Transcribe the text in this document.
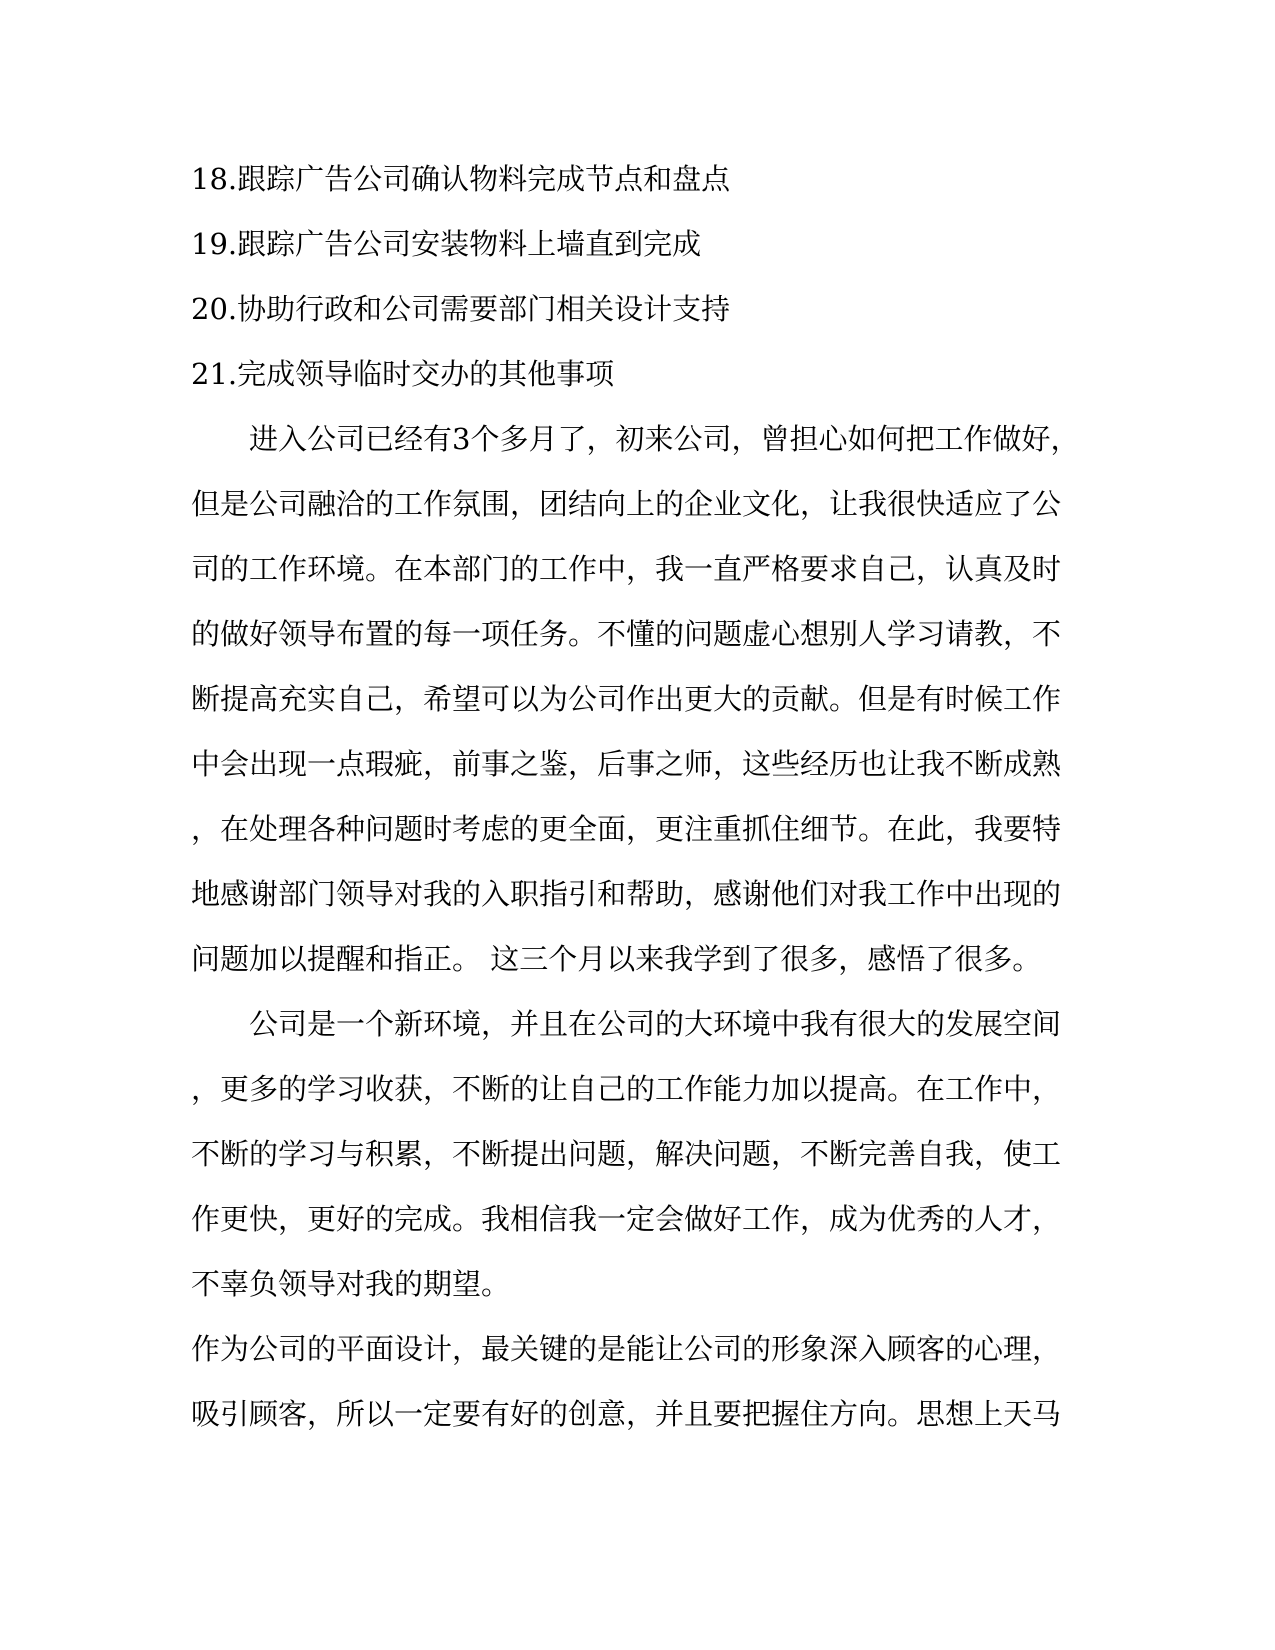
18.跟踪广告公司确认物料完成节点和盘点
19.跟踪广告公司安装物料上墙直到完成
20.协助行政和公司需要部门相关设计支持
21.完成领导临时交办的其他事项
　　进入公司已经有3个多月了，初来公司，曾担心如何把工作做好，
但是公司融洽的工作氛围，团结向上的企业文化，让我很快适应了公
司的工作环境。在本部门的工作中，我一直严格要求自己，认真及时
的做好领导布置的每一项任务。不懂的问题虚心想别人学习请教，不
断提高充实自己，希望可以为公司作出更大的贡献。但是有时候工作
中会出现一点瑕疵，前事之鉴，后事之师，这些经历也让我不断成熟
，在处理各种问题时考虑的更全面，更注重抓住细节。在此，我要特
地感谢部门领导对我的入职指引和帮助，感谢他们对我工作中出现的
问题加以提醒和指正。 这三个月以来我学到了很多，感悟了很多。
　　公司是一个新环境，并且在公司的大环境中我有很大的发展空间
，更多的学习收获，不断的让自己的工作能力加以提高。在工作中，
不断的学习与积累，不断提出问题，解决问题，不断完善自我，使工
作更快，更好的完成。我相信我一定会做好工作，成为优秀的人才，
不辜负领导对我的期望。
作为公司的平面设计，最关键的是能让公司的形象深入顾客的心理，
吸引顾客，所以一定要有好的创意，并且要把握住方向。思想上天马
